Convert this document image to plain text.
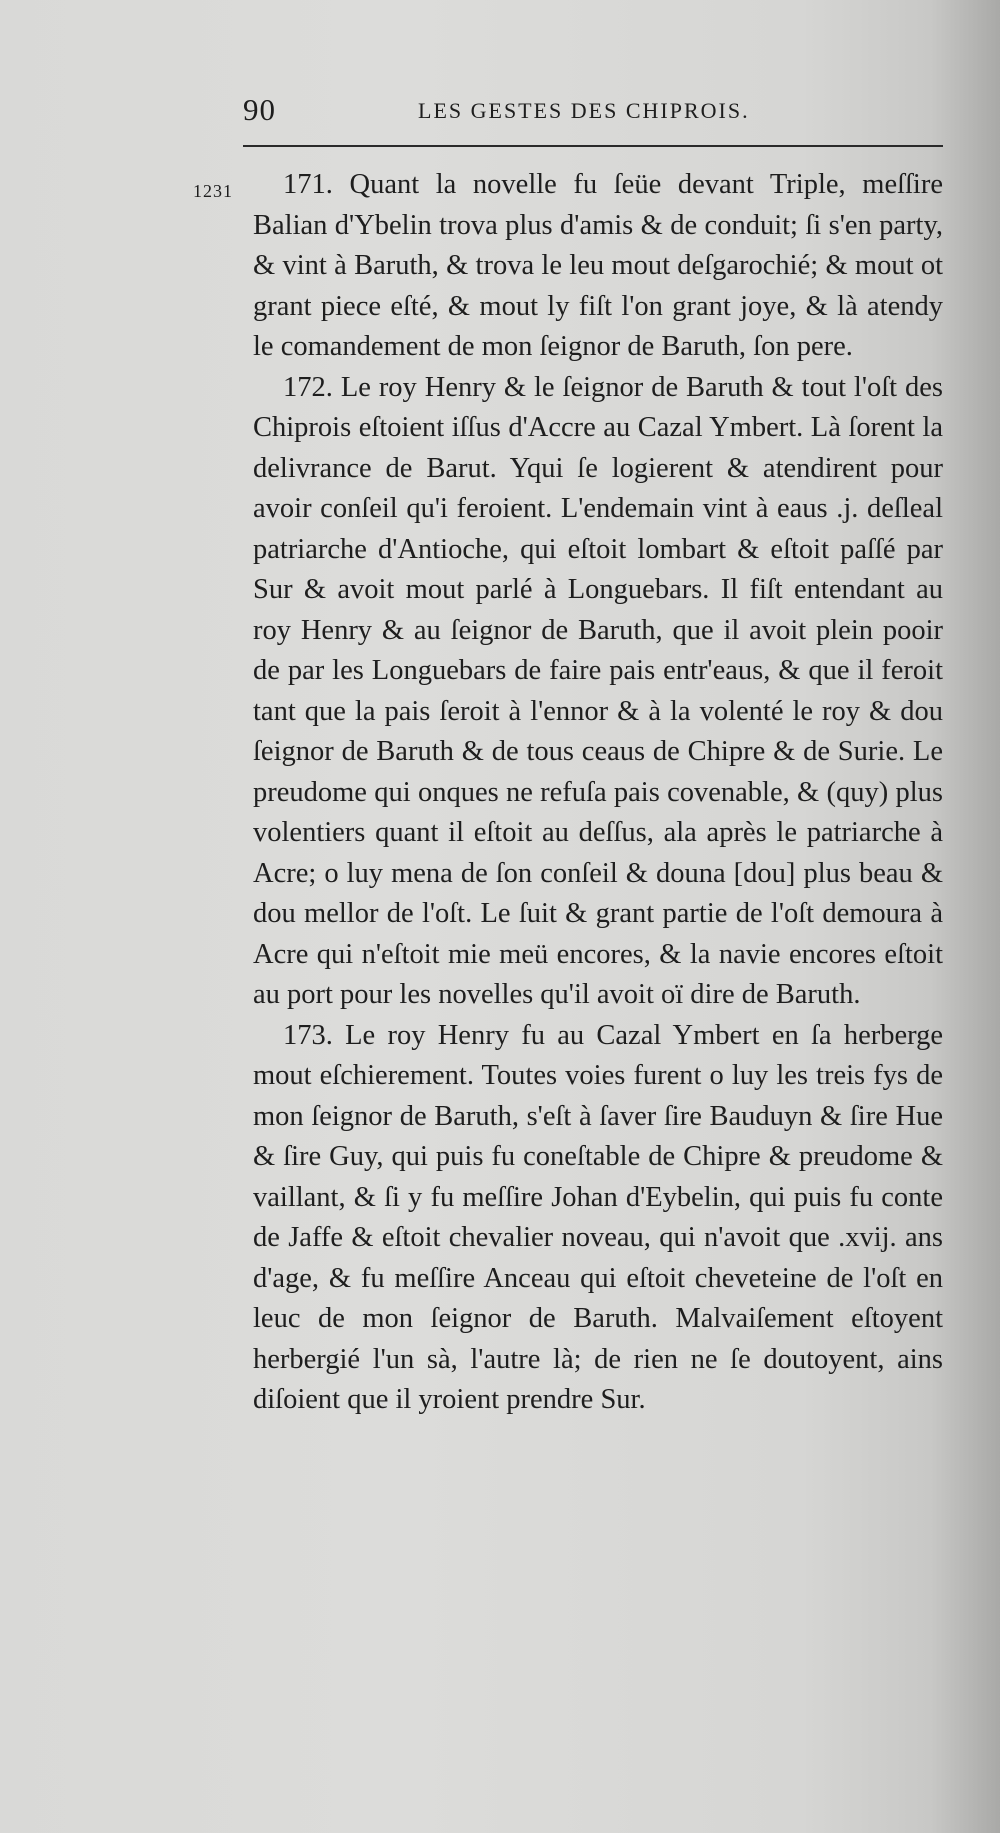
90	LES GESTES DES CHIPROIS.
1231	171. Quant la novelle fu ſeüe devant Triple, meſſire Balian d'Ybelin trova plus d'amis & de conduit; ſi s'en party, & vint à Baruth, & trova le leu mout deſgarochié; & mout ot grant piece eſté, & mout ly fiſt l'on grant joye, & là atendy le comandement de mon ſeignor de Baruth, ſon pere.

172. Le roy Henry & le ſeignor de Baruth & tout l'oſt des Chiprois eſtoient iſſus d'Accre au Cazal Ymbert. Là ſorent la delivrance de Barut. Yqui ſe logierent & atendirent pour avoir conſeil qu'i feroient. L'endemain vint à eaus .j. deſleal patriarche d'Antioche, qui eſtoit lombart & eſtoit paſſé par Sur & avoit mout parlé à Longuebars. Il fiſt entendant au roy Henry & au ſeignor de Baruth, que il avoit plein pooir de par les Longuebars de faire pais entr'eaus, & que il feroit tant que la pais ſeroit à l'ennor & à la volenté le roy & dou ſeignor de Baruth & de tous ceaus de Chipre & de Surie. Le preudome qui onques ne refuſa pais covenable, & (quy) plus volentiers quant il eſtoit au deſſus, ala après le patriarche à Acre; o luy mena de ſon conſeil & douna [dou] plus beau & dou mellor de l'oſt. Le ſuit & grant partie de l'oſt demoura à Acre qui n'eſtoit mie meü encores, & la navie encores eſtoit au port pour les novelles qu'il avoit oï dire de Baruth.

173. Le roy Henry fu au Cazal Ymbert en ſa herberge mout eſchierement. Toutes voies furent o luy les treis fys de mon ſeignor de Baruth, s'eſt à ſaver ſire Bauduyn & ſire Hue & ſire Guy, qui puis fu coneſtable de Chipre & preudome & vaillant, & ſi y fu meſſire Johan d'Eybelin, qui puis fu conte de Jaffe & eſtoit chevalier noveau, qui n'avoit que .xvij. ans d'age, & fu meſſire Anceau qui eſtoit cheveteine de l'oſt en leuc de mon ſeignor de Baruth. Malvaiſement eſtoyent herbergié l'un sà, l'autre là; de rien ne ſe doutoyent, ains diſoient que il yroient prendre Sur.
